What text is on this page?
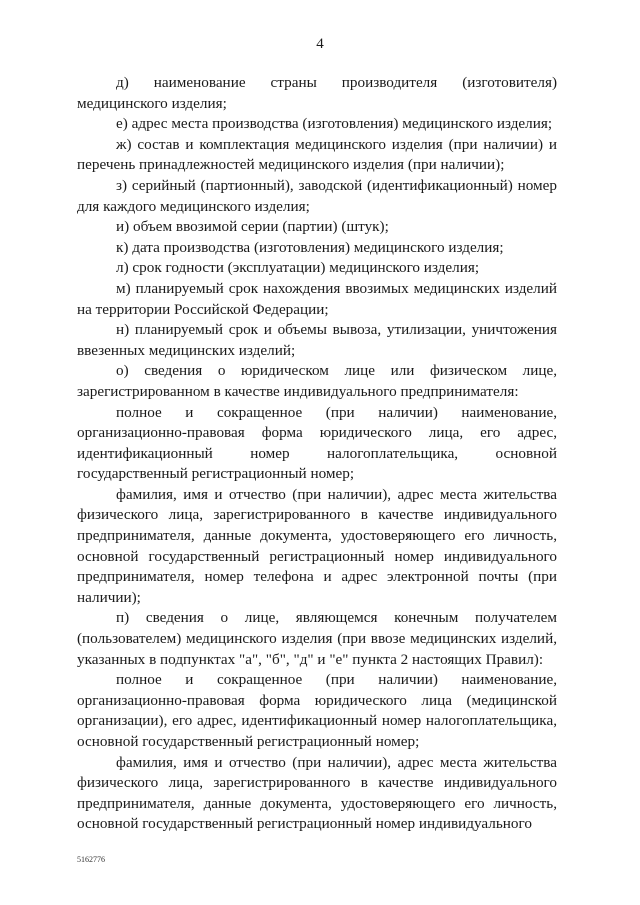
4

д) наименование страны производителя (изготовителя) медицинского изделия;

е) адрес места производства (изготовления) медицинского изделия;

ж) состав и комплектация медицинского изделия (при наличии) и перечень принадлежностей медицинского изделия (при наличии);

з) серийный (партионный), заводской (идентификационный) номер для каждого медицинского изделия;

и) объем ввозимой серии (партии) (штук);

к) дата производства (изготовления) медицинского изделия;

л) срок годности (эксплуатации) медицинского изделия;

м) планируемый срок нахождения ввозимых медицинских изделий на территории Российской Федерации;

н) планируемый срок и объемы вывоза, утилизации, уничтожения ввезенных медицинских изделий;

о) сведения о юридическом лице или физическом лице, зарегистрированном в качестве индивидуального предпринимателя:

полное и сокращенное (при наличии) наименование, организационно-правовая форма юридического лица, его адрес, идентификационный номер налогоплательщика, основной государственный регистрационный номер;

фамилия, имя и отчество (при наличии), адрес места жительства физического лица, зарегистрированного в качестве индивидуального предпринимателя, данные документа, удостоверяющего его личность, основной государственный регистрационный номер индивидуального предпринимателя, номер телефона и адрес электронной почты (при наличии);

п) сведения о лице, являющемся конечным получателем (пользователем) медицинского изделия (при ввозе медицинских изделий, указанных в подпунктах "а", "б", "д" и "е" пункта 2 настоящих Правил):

полное и сокращенное (при наличии) наименование, организационно-правовая форма юридического лица (медицинской организации), его адрес, идентификационный номер налогоплательщика, основной государственный регистрационный номер;

фамилия, имя и отчество (при наличии), адрес места жительства физического лица, зарегистрированного в качестве индивидуального предпринимателя, данные документа, удостоверяющего его личность, основной государственный регистрационный номер индивидуального

5162776
